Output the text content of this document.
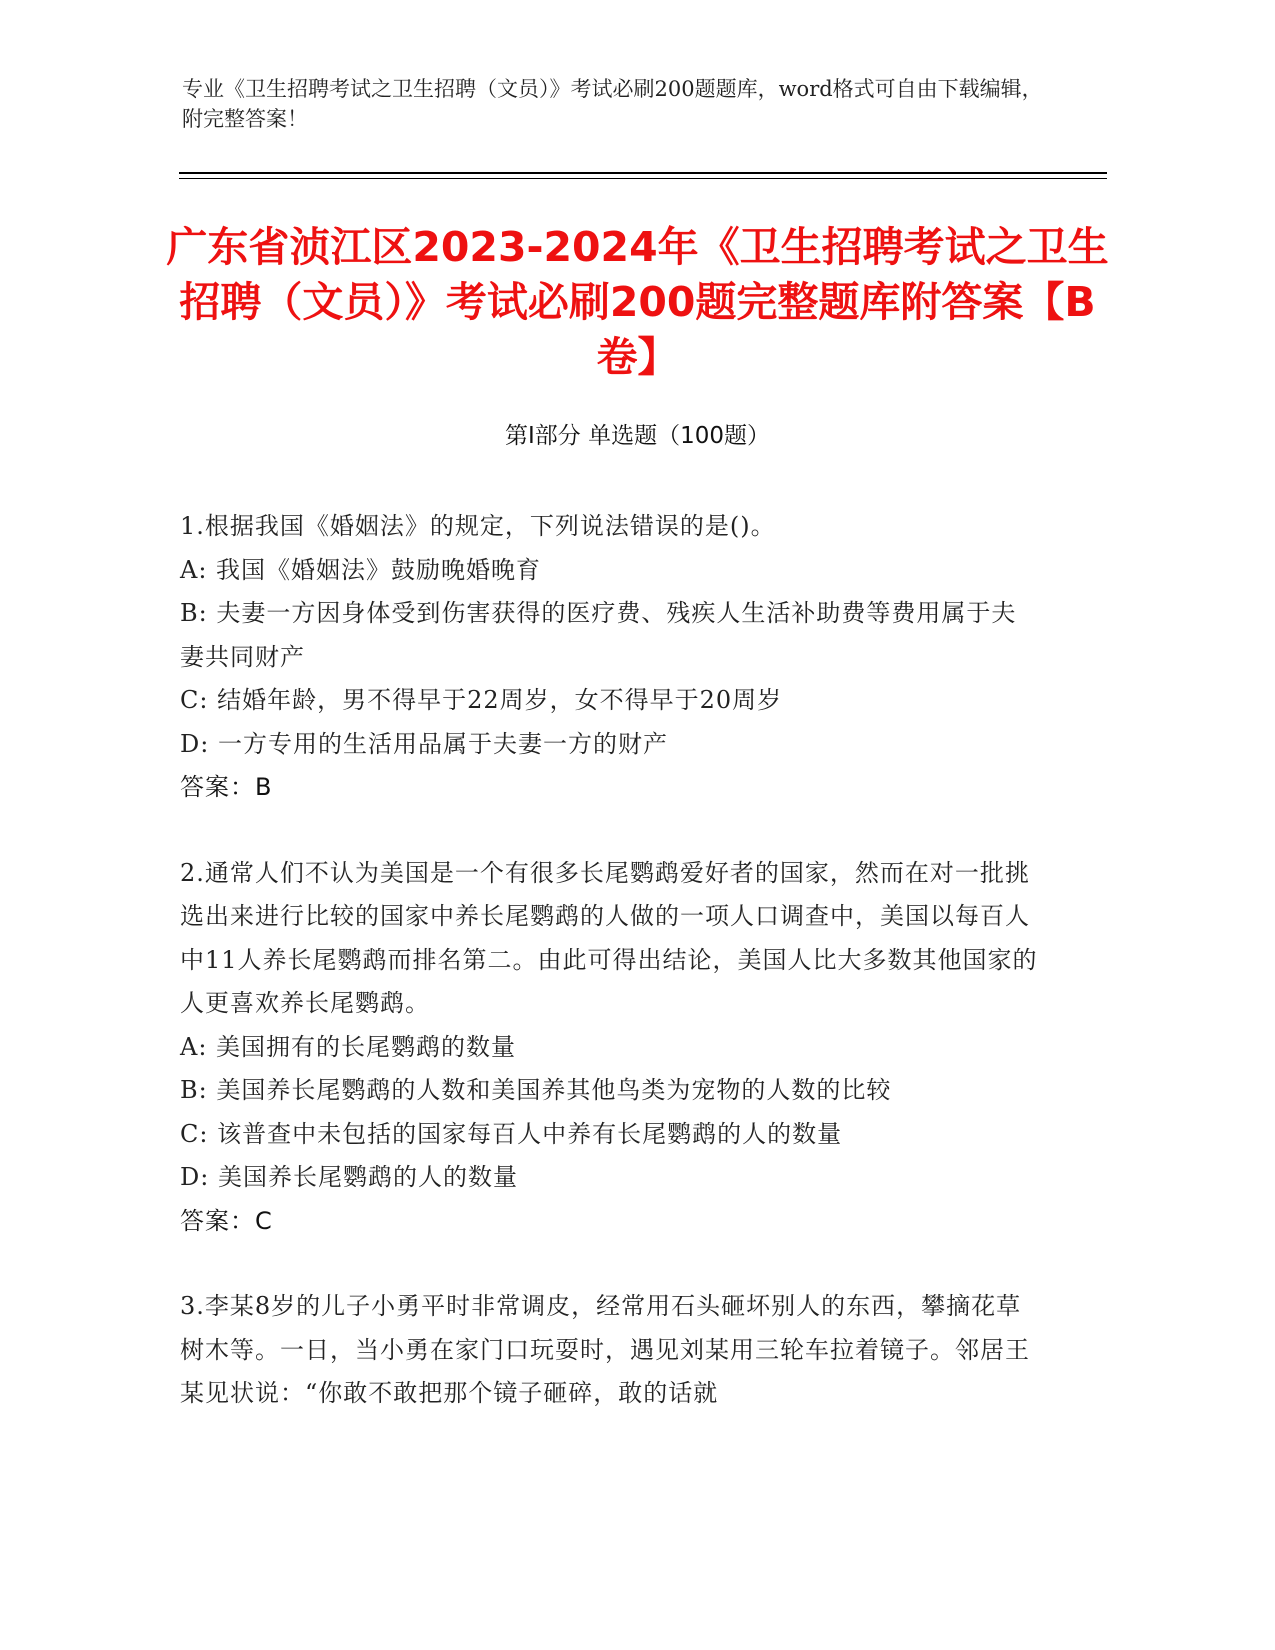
专业《卫生招聘考试之卫生招聘（文员）》考试必刷200题题库，word格式可自由下载编辑，附完整答案！
广东省浈江区2023-2024年《卫生招聘考试之卫生招聘（文员）》考试必刷200题完整题库附答案【B卷】
第Ⅰ部分 单选题（100题）

1.根据我国《婚姻法》的规定，下列说法错误的是()。

A: 我国《婚姻法》鼓励晚婚晚育

B: 夫妻一方因身体受到伤害获得的医疗费、残疾人生活补助费等费用属于夫妻共同财产

C: 结婚年龄，男不得早于22周岁，女不得早于20周岁

D: 一方专用的生活用品属于夫妻一方的财产

答案：B

2.通常人们不认为美国是一个有很多长尾鹦鹉爱好者的国家，然而在对一批挑选出来进行比较的国家中养长尾鹦鹉的人做的一项人口调查中，美国以每百人中11人养长尾鹦鹉而排名第二。由此可得出结论，美国人比大多数其他国家的人更喜欢养长尾鹦鹉。

A: 美国拥有的长尾鹦鹉的数量

B: 美国养长尾鹦鹉的人数和美国养其他鸟类为宠物的人数的比较

C: 该普查中未包括的国家每百人中养有长尾鹦鹉的人的数量

D: 美国养长尾鹦鹉的人的数量

答案：C

3.李某8岁的儿子小勇平时非常调皮，经常用石头砸坏别人的东西，攀摘花草树木等。一日，当小勇在家门口玩耍时，遇见刘某用三轮车拉着镜子。邻居王某见状说：“你敢不敢把那个镜子砸碎，敢的话就
